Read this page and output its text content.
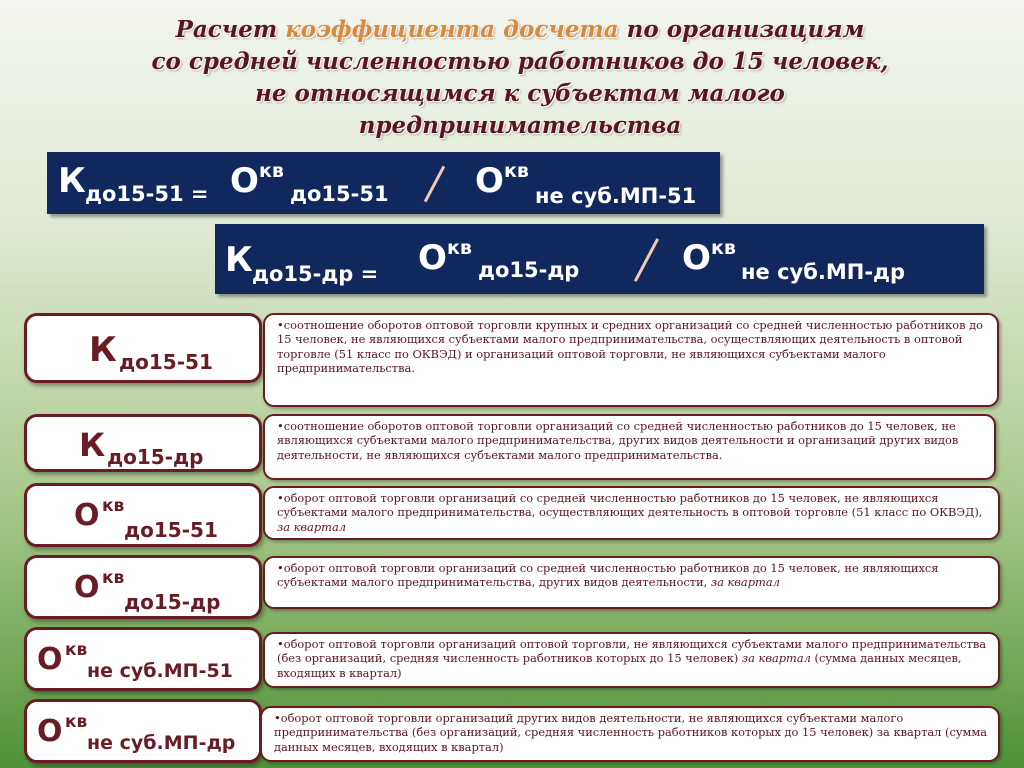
Расчет коэффициента досчета по организациям
со средней численностью работников до 15 человек,
не относящимся к субъектам малого
предпринимательства
К до15-51 = О кв
до15-51	О кв
не суб.МП-51
К до15-др = О кв
до15-др	О кв
не суб.МП-др
К до15-51
•соотношение оборотов оптовой торговли крупных и средних организаций со средней численностью работников до 15 человек, не являющихся субъектами малого предпринимательства, осуществляющих деятельность в оптовой торговле (51 класс по ОКВЭД) и организаций оптовой торговли, не являющихся субъектами малого предпринимательства.
К до15-др
•соотношение оборотов оптовой торговли организаций со средней численностью работников до 15 человек, не являющихся субъектами малого предпринимательства, других видов деятельности и организаций других видов деятельности, не являющихся субъектами малого предпринимательства.
О кв
до15-51
•оборот оптовой торговли организаций со средней численностью работников до 15 человек, не являющихся субъектами малого предпринимательства, осуществляющих деятельность в оптовой торговле (51 класс по ОКВЭД), за квартал
О кв
до15-др
•оборот оптовой торговли организаций со средней численностью работников до 15 человек, не являющихся субъектами малого предпринимательства, других видов деятельности, за квартал
О кв
не суб.МП-51
•оборот оптовой торговли организаций оптовой торговли, не являющихся субъектами малого предпринимательства (без организаций, средняя численность работников которых до 15 человек) за квартал (сумма данных месяцев, входящих в квартал)
О кв
не суб.МП-др
•оборот оптовой торговли организаций других видов деятельности, не являющихся субъектами малого предпринимательства (без организаций, средняя численность работников которых до 15 человек) за квартал (сумма данных месяцев, входящих в квартал)
